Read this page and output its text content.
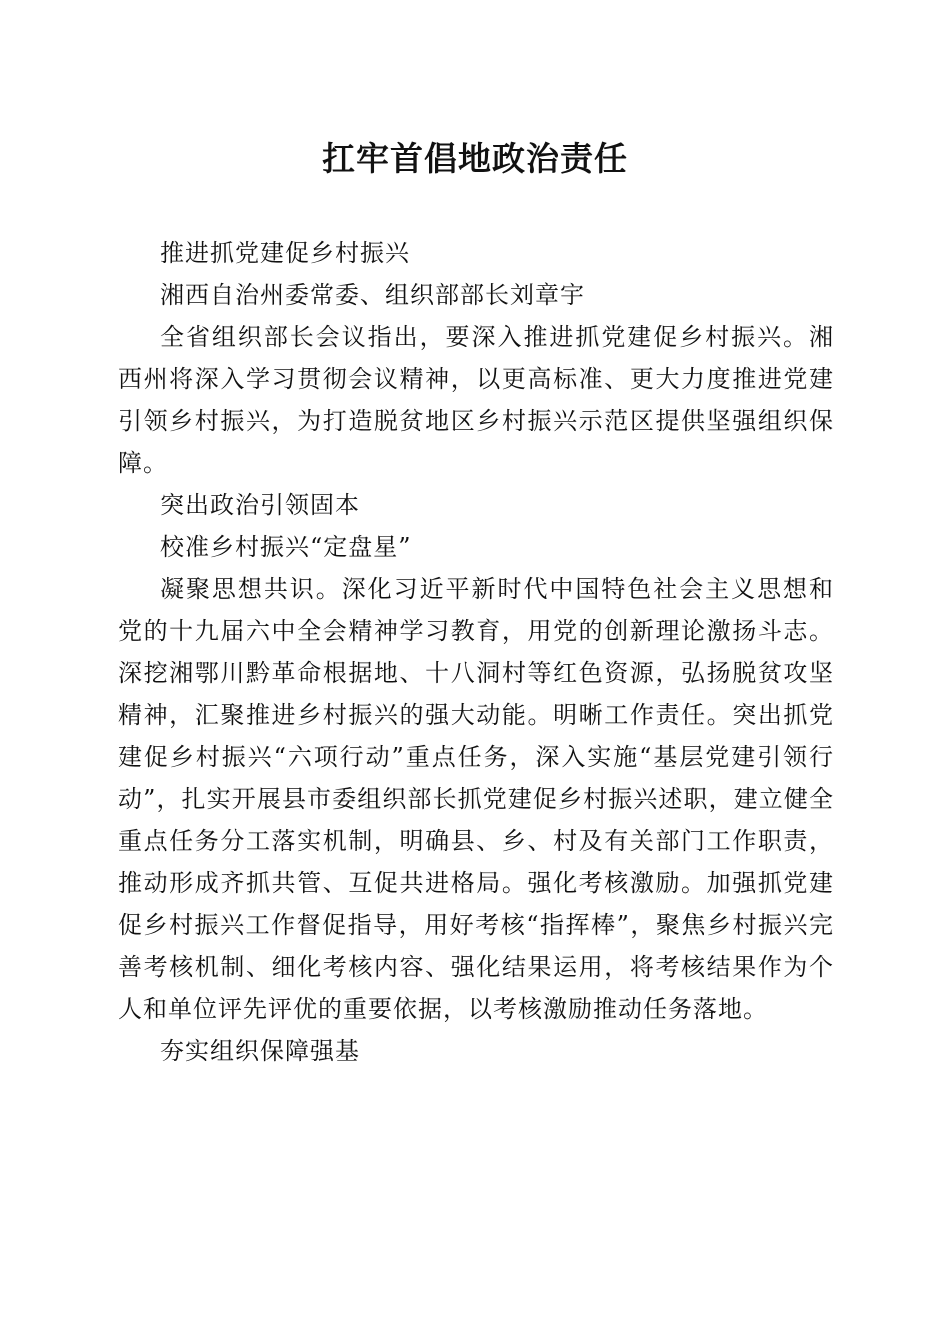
扛牢首倡地政治责任

推进抓党建促乡村振兴

湘西自治州委常委、组织部部长刘章宇

全省组织部长会议指出，要深入推进抓党建促乡村振兴。湘西州将深入学习贯彻会议精神，以更高标准、更大力度推进党建引领乡村振兴，为打造脱贫地区乡村振兴示范区提供坚强组织保障。

突出政治引领固本

校准乡村振兴“定盘星”

凝聚思想共识。深化习近平新时代中国特色社会主义思想和党的十九届六中全会精神学习教育，用党的创新理论激扬斗志。深挖湘鄂川黔革命根据地、十八洞村等红色资源，弘扬脱贫攻坚精神，汇聚推进乡村振兴的强大动能。明晰工作责任。突出抓党建促乡村振兴“六项行动”重点任务，深入实施“基层党建引领行动”，扎实开展县市委组织部长抓党建促乡村振兴述职，建立健全重点任务分工落实机制，明确县、乡、村及有关部门工作职责，推动形成齐抓共管、互促共进格局。强化考核激励。加强抓党建促乡村振兴工作督促指导，用好考核“指挥棒”，聚焦乡村振兴完善考核机制、细化考核内容、强化结果运用，将考核结果作为个人和单位评先评优的重要依据，以考核激励推动任务落地。

夯实组织保障强基
